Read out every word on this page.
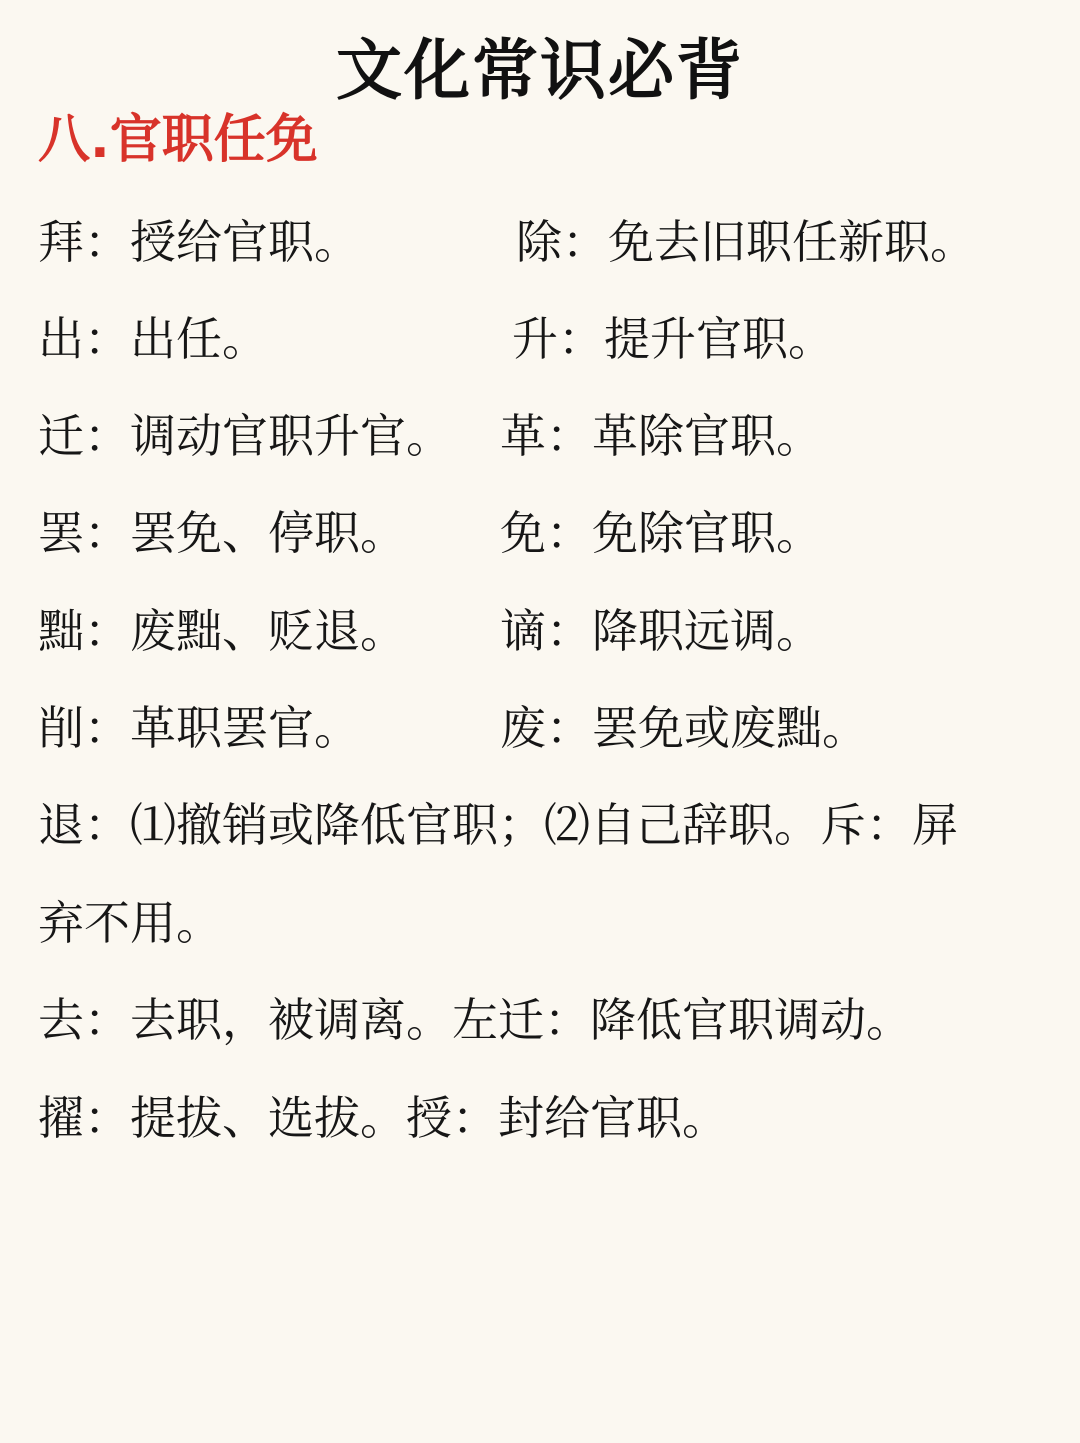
文化常识必背
八.官职任免
拜：授给官职。	除：免去旧职任新职。
出：出任。	升：提升官职。
迁：调动官职升官。 革：革除官职。
罢：罢免、停职。 免：免除官职。
黜：废黜、贬退。 谪：降职远调。
削：革职罢官。	废：罢免或废黜。
退：⑴撤销或降低官职；⑵自己辞职。斥：屏
弃不用。
去：去职，被调离。左迁：降低官职调动。
擢：提拔、选拔。授：封给官职。
